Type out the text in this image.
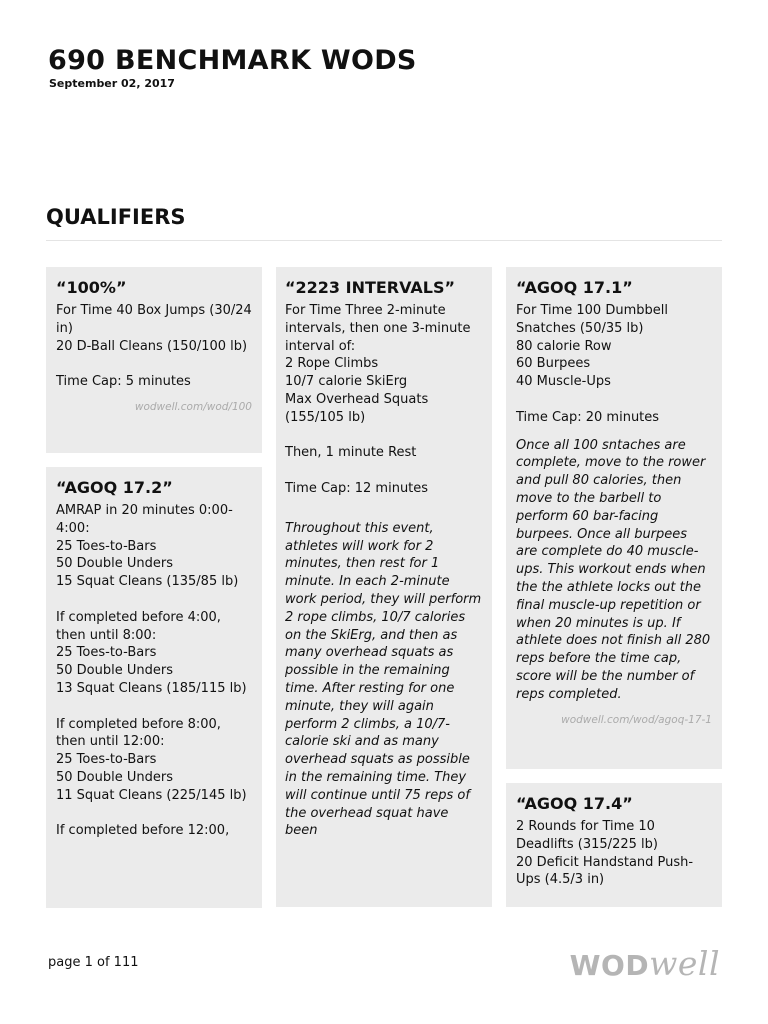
690 BENCHMARK WODS
September 02, 2017
QUALIFIERS
“100%”
For Time 40 Box Jumps (30/24 in)
20 D-Ball Cleans (150/100 lb)

Time Cap: 5 minutes
wodwell.com/wod/100
“AGOQ 17.2”
AMRAP in 20 minutes 0:00-4:00:
25 Toes-to-Bars
50 Double Unders
15 Squat Cleans (135/85 lb)

If completed before 4:00, then until 8:00:
25 Toes-to-Bars
50 Double Unders
13 Squat Cleans (185/115 lb)

If completed before 8:00, then until 12:00:
25 Toes-to-Bars
50 Double Unders
11 Squat Cleans (225/145 lb)

If completed before 12:00,
“2223 INTERVALS”
For Time Three 2-minute intervals, then one 3-minute interval of:
2 Rope Climbs
10/7 calorie SkiErg
Max Overhead Squats (155/105 lb)

Then, 1 minute Rest

Time Cap: 12 minutes
Throughout this event, athletes will work for 2 minutes, then rest for 1 minute. In each 2-minute work period, they will perform 2 rope climbs, 10/7 calories on the SkiErg, and then as many overhead squats as possible in the remaining time. After resting for one minute, they will again perform 2 climbs, a 10/7-calorie ski and as many overhead squats as possible in the remaining time. They will continue until 75 reps of the overhead squat have been
“AGOQ 17.1”
For Time 100 Dumbbell Snatches (50/35 lb)
80 calorie Row
60 Burpees
40 Muscle-Ups

Time Cap: 20 minutes
Once all 100 sntaches are complete, move to the rower and pull 80 calories, then move to the barbell to perform 60 bar-facing burpees. Once all burpees are complete do 40 muscle-ups. This workout ends when the the athlete locks out the final muscle-up repetition or when 20 minutes is up. If athlete does not finish all 280 reps before the time cap, score will be the number of reps completed.
wodwell.com/wod/agoq-17-1
“AGOQ 17.4”
2 Rounds for Time 10 Deadlifts (315/225 lb)
20 Deficit Handstand Push-Ups (4.5/3 in)
page 1 of 111	WODwell
